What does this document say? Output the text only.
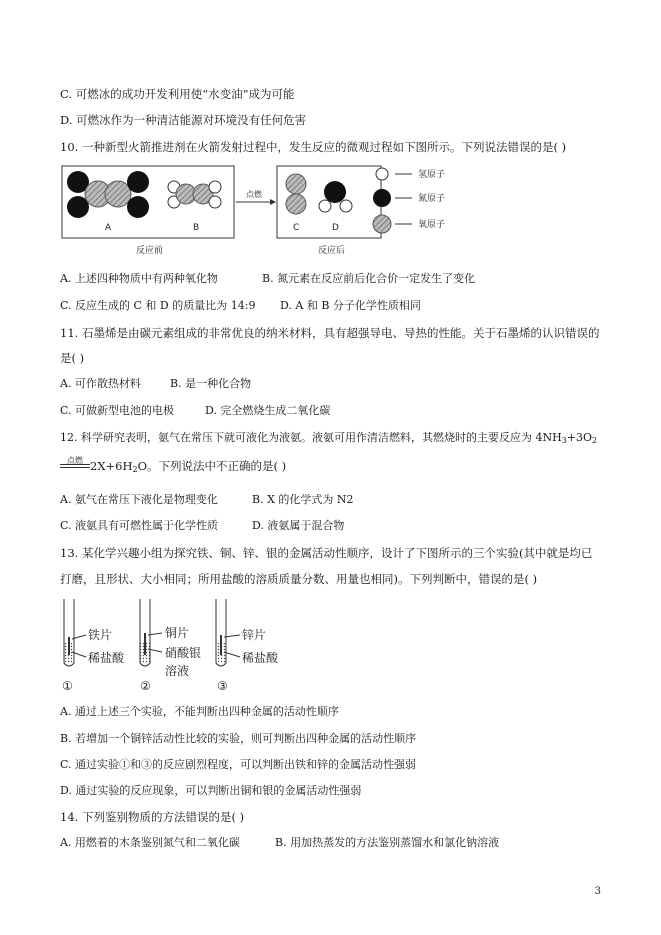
C. 可燃冰的成功开发利用使“水变油”成为可能
D. 可燃冰作为一种清洁能源对环境没有任何危害
10. 一种新型火箭推进剂在火箭发射过程中，发生反应的微观过程如下图所示。下列说法错误的是( )
A	B
反应前
点燃
C	D
反应后
氢原子
氮原子
氧原子
A. 上述四种物质中有两种氧化物	B. 氮元素在反应前后化合价一定发生了变化
C. 反应生成的 C 和 D 的质量比为 14:9 D. A 和 B 分子化学性质相同
11. 石墨烯是由碳元素组成的非常优良的纳米材料，具有超强导电、导热的性能。关于石墨烯的认识错误的
是( )
A. 可作散热材料	B. 是一种化合物
C. 可做新型电池的电极	D. 完全燃烧生成二氧化碳
12. 科学研究表明，氨气在常压下就可液化为液氨。液氨可用作清洁燃料，其燃烧时的主要反应为 $4NH_3+3O_2$
点燃 $2X+6H_2O$。下列说法中不正确的是( )
A. 氨气在常压下液化是物理变化	B. X 的化学式为 N2
C. 液氨具有可燃性属于化学性质	D. 液氨属于混合物
13. 某化学兴趣小组为探究铁、铜、锌、银的金属活动性顺序，设计了下图所示的三个实验(其中就是均已
打磨，且形状、大小相同；所用盐酸的溶质质量分数、用量也相同)。下列判断中，错误的是( )
铁片
稀盐酸
①
铜片
硝酸银
溶液
②
锌片
稀盐酸
③
A. 通过上述三个实验，不能判断出四种金属的活动性顺序
B. 若增加一个铜锌活动性比较的实验，则可判断出四种金属的活动性顺序
C. 通过实验①和③的反应剧烈程度，可以判断出铁和锌的金属活动性强弱
D. 通过实验的反应现象，可以判断出铜和银的金属活动性强弱
14. 下列鉴别物质的方法错误的是( )
A. 用燃着的木条鉴别氮气和二氧化碳	B. 用加热蒸发的方法鉴别蒸馏水和氯化钠溶液
3
